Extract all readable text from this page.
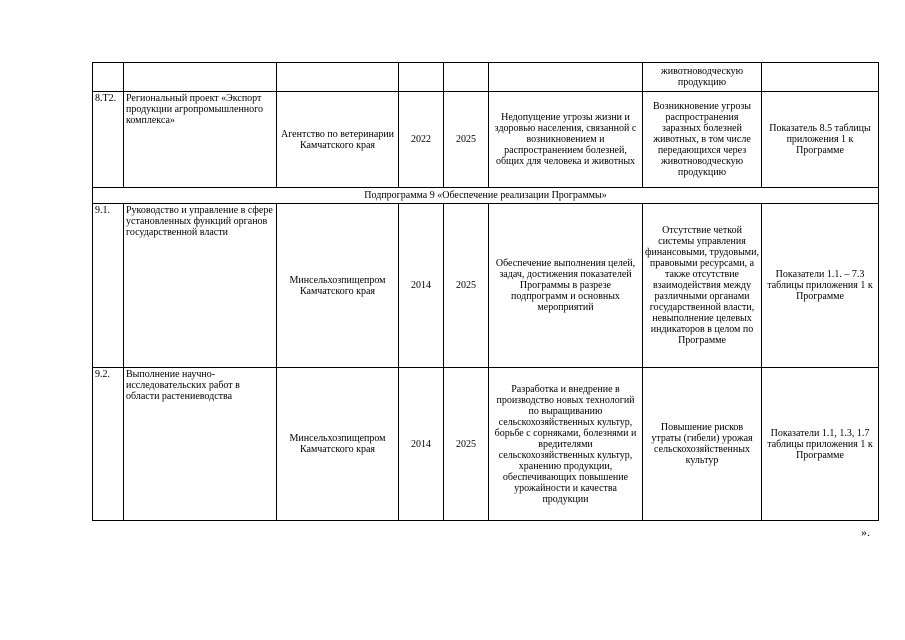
						животноводческую продукцию	
8.Т2.	Региональный проект «Экспорт продукции агропромышленного комплекса»	Агентство по ветеринарии Камчатского края	2022	2025	Недопущение угрозы жизни и здоровью населения, связанной с возникновением и распространением болезней, общих для человека и животных	Возникновение угрозы распространения заразных болезней животных, в том числе передающихся через животноводческую продукцию	Показатель 8.5 таблицы приложения 1 к Программе
Подпрограмма 9 «Обеспечение реализации Программы»							
9.1.	Руководство и управление в сфере установленных функций органов государственной власти	Минсельхозпищепром Камчатского края	2014	2025	Обеспечение выполнения целей, задач, достижения показателей Программы в разрезе подпрограмм и основных мероприятий	Отсутствие четкой системы управления финансовыми, трудовыми, правовыми ресурсами, а также отсутствие взаимодействия между различными органами государственной власти, невыполнение целевых индикаторов в целом по Программе	Показатели 1.1. – 7.3 таблицы приложения 1 к Программе
9.2.	Выполнение научно-исследовательских работ в области растениеводства	Минсельхозпищепром Камчатского края	2014	2025	Разработка и внедрение в производство новых технологий по выращиванию сельскохозяйственных культур, борьбе с сорняками, болезнями и вредителями сельскохозяйственных культур, хранению продукции, обеспечивающих повышение урожайности и качества продукции	Повышение рисков утраты (гибели) урожая сельскохозяйственных культур	Показатели 1.1, 1.3, 1.7 таблицы приложения 1 к Программе
».
